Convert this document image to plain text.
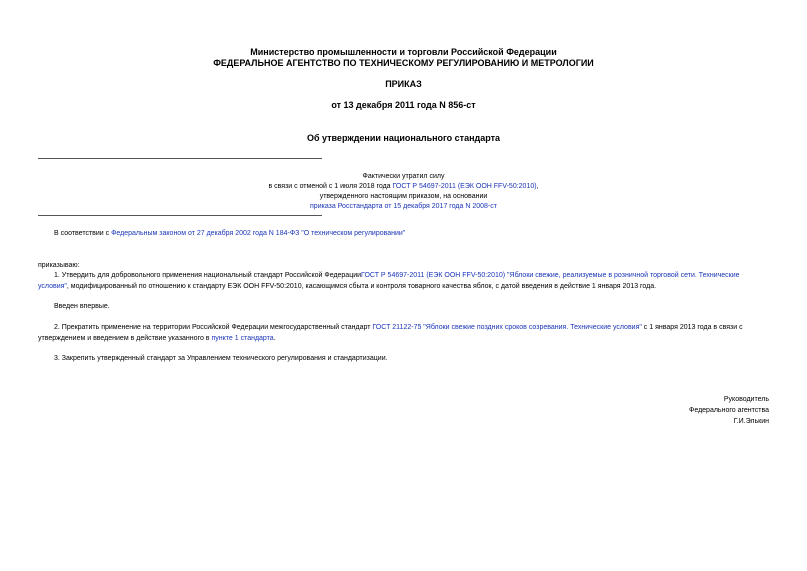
Министерство промышленности и торговли Российской Федерации
ФЕДЕРАЛЬНОЕ АГЕНТСТВО ПО ТЕХНИЧЕСКОМУ РЕГУЛИРОВАНИЮ И МЕТРОЛОГИИ
ПРИКАЗ
от 13 декабря 2011 года N 856-ст
Об утверждении национального стандарта
Фактически утратил силу
в связи с отменой с 1 июля 2018 года ГОСТ Р 54697-2011 (ЕЭК ООН FFV-50:2010),
утвержденного настоящим приказом, на основании
приказа Росстандарта от 15 декабря 2017 года N 2008-ст
В соответствии с Федеральным законом от 27 декабря 2002 года N 184-ФЗ "О техническом регулировании"
приказываю:
1. Утвердить для добровольного применения национальный стандарт Российской ФедерацииГОСТ Р 54697-2011 (ЕЭК ООН FFV-50:2010) "Яблоки свежие, реализуемые в розничной торговой сети. Технические условия", модифицированный по отношению к стандарту ЕЭК ООН FFV-50:2010, касающимся сбыта и контроля товарного качества яблок, с датой введения в действие 1 января 2013 года.
Введен впервые.
2. Прекратить применение на территории Российской Федерации межгосударственный стандарт ГОСТ 21122-75 "Яблоки свежие поздних сроков созревания. Технические условия" с 1 января 2013 года в связи с утверждением и введением в действие указанного в пункте 1 стандарта.
3. Закрепить утвержденный стандарт за Управлением технического регулирования и стандартизации.
Руководитель
Федерального агентства
Г.И.Элькин
